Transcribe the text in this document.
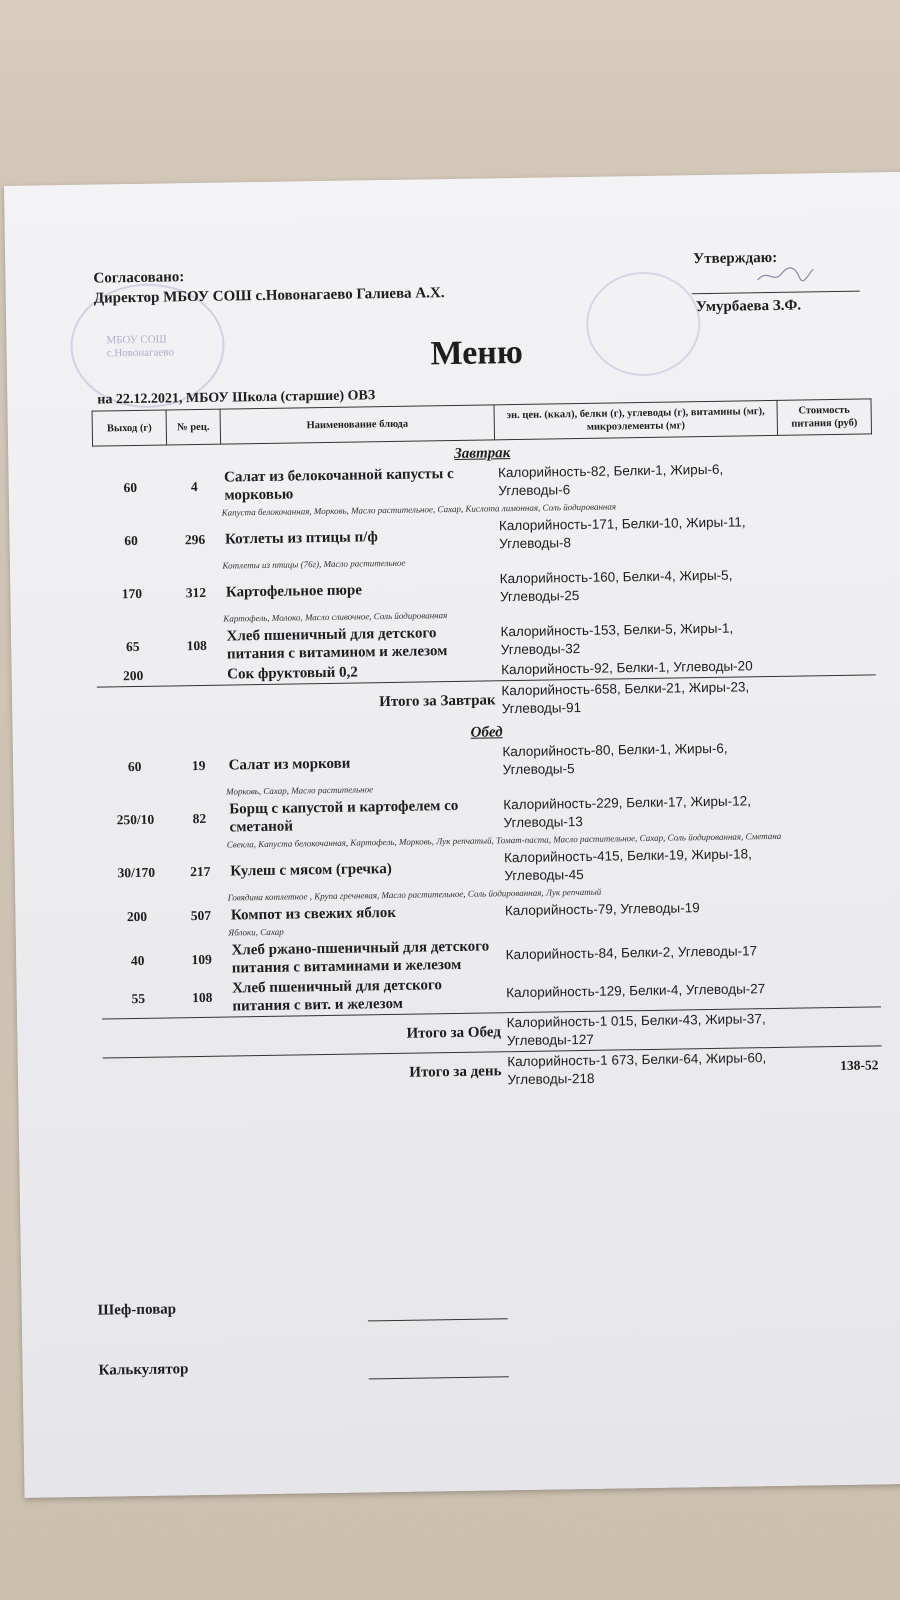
МБОУ СОШ
с.Новонагаево
Согласовано:
Директор МБОУ СОШ с.Новонагаево Галиева А.Х.
Утверждаю:
Умурбаева З.Ф.
Меню
на 22.12.2021, МБОУ Школа (старшие) ОВЗ
Выход (г)	№ рец.	Наименование блюда	эн. цен. (ккал), белки (г), углеводы (г), витамины (мг), микроэлементы (мг)	Стоимость питания (руб)
Завтрак				
60	4	Салат из белокочанной капусты с морковью	Калорийность-82, Белки-1, Жиры-6, Углеводы-6	
		Капуста белокочанная, Морковь, Масло растительное, Сахар, Кислота лимонная, Соль йодированная		
60	296	Котлеты из птицы п/ф	Калорийность-171, Белки-10, Жиры-11, Углеводы-8	
		Котлеты из птицы (76г), Масло растительное		
170	312	Картофельное пюре	Калорийность-160, Белки-4, Жиры-5, Углеводы-25	
		Картофель, Молоко, Масло сливочное, Соль йодированная		
65	108	Хлеб пшеничный для детского питания с витамином и железом	Калорийность-153, Белки-5, Жиры-1, Углеводы-32	
200		Сок фруктовый 0,2	Калорийность-92, Белки-1, Углеводы-20	
Итого за Завтрак			Калорийность-658, Белки-21, Жиры-23, Углеводы-91	
Обед				
60	19	Салат из моркови	Калорийность-80, Белки-1, Жиры-6, Углеводы-5	
		Морковь, Сахар, Масло растительное		
250/10	82	Борщ с капустой и картофелем со сметаной	Калорийность-229, Белки-17, Жиры-12, Углеводы-13	
		Свекла, Капуста белокочанная, Картофель, Морковь, Лук репчатый, Томат-паста, Масло растительное, Сахар, Соль йодированная, Сметана		
30/170	217	Кулеш с мясом (гречка)	Калорийность-415, Белки-19, Жиры-18, Углеводы-45	
		Говядина котлетное , Крупа гречневая, Масло растительное, Соль йодированная, Лук репчатый		
200	507	Компот из свежих яблок	Калорийность-79, Углеводы-19	
		Яблоки, Сахар		
40	109	Хлеб ржано-пшеничный для детского питания с витаминами и железом	Калорийность-84, Белки-2, Углеводы-17	
55	108	Хлеб пшеничный для детского питания с вит. и железом	Калорийность-129, Белки-4, Углеводы-27	
Итого за Обед			Калорийность-1 015, Белки-43, Жиры-37, Углеводы-127	
Итого за день			Калорийность-1 673, Белки-64, Жиры-60, Углеводы-218	138-52
Шеф-повар
Калькулятор
